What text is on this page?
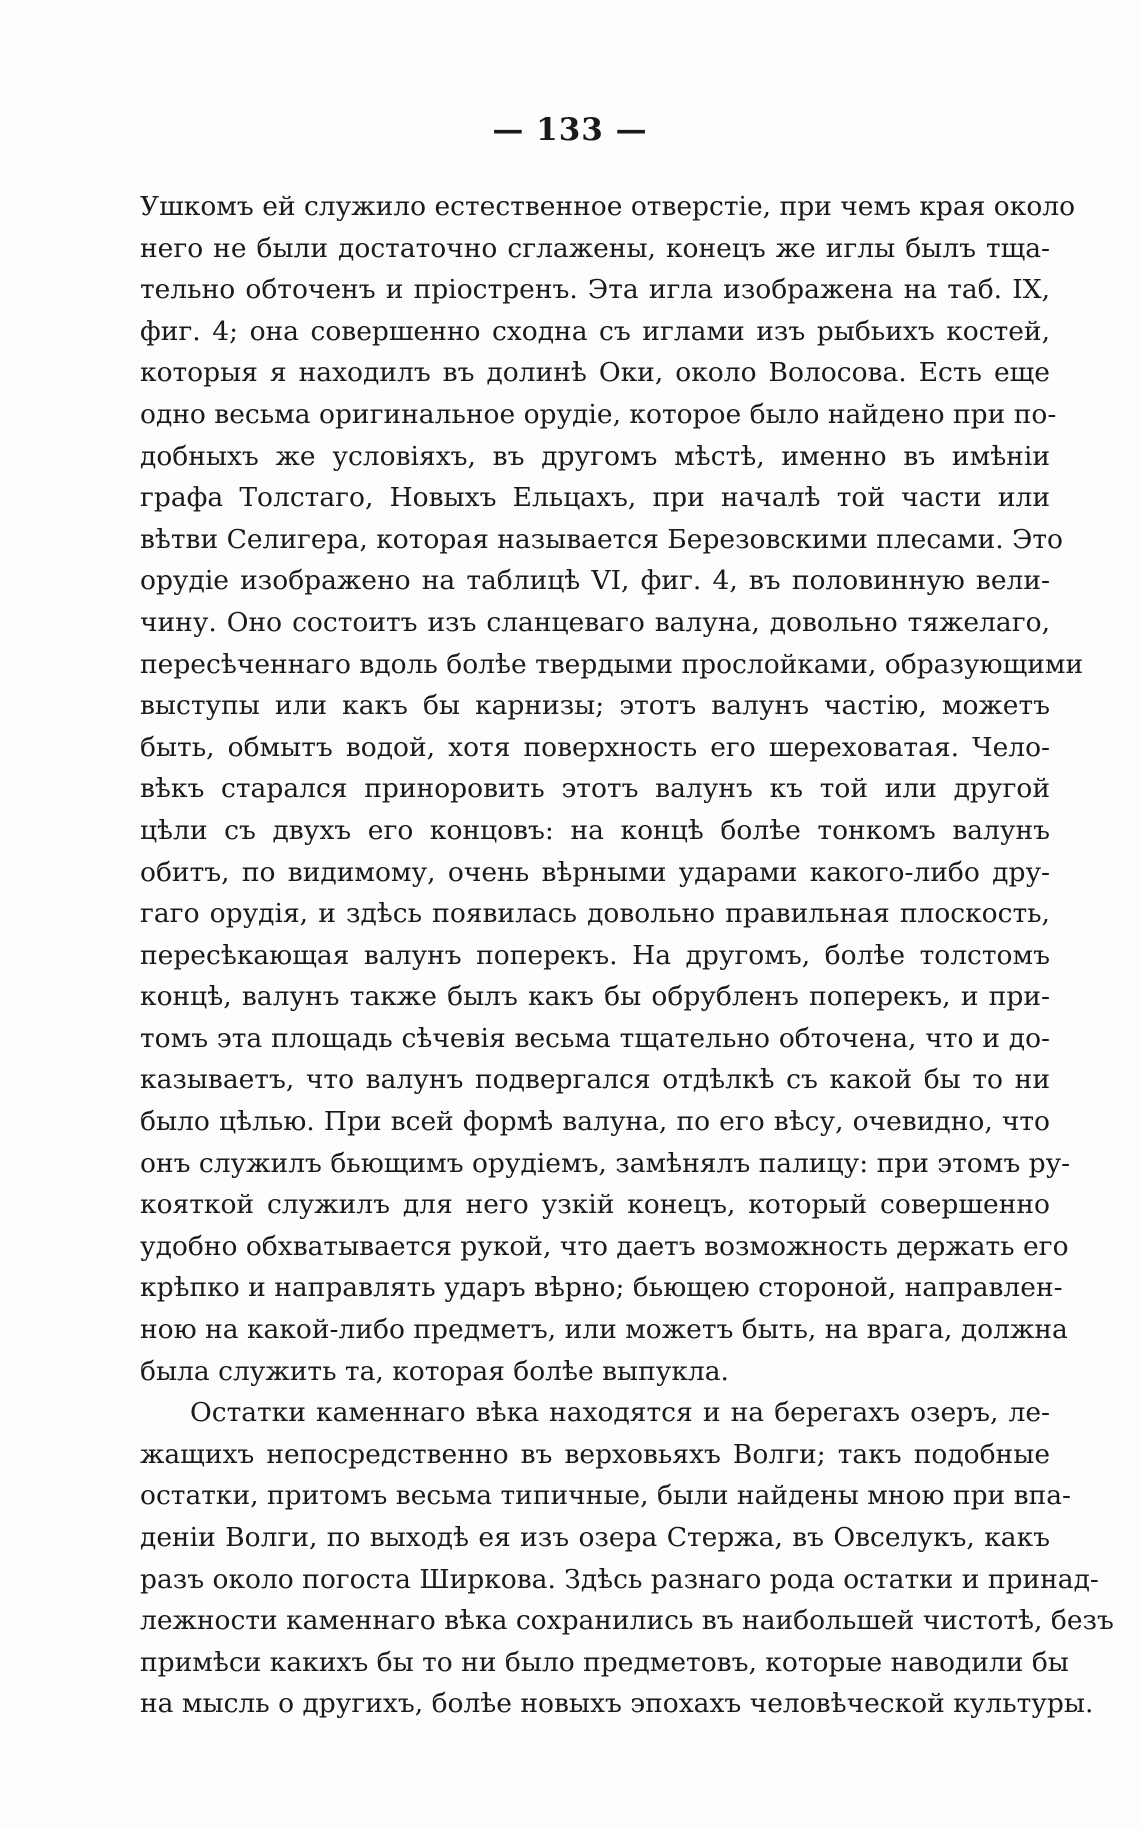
— 133 —
Ушкомъ ей служило естественное отверстіе, при чемъ края около
него не были достаточно сглажены, конецъ же иглы былъ тща-
тельно обточенъ и пріостренъ. Эта игла изображена на таб. IX,
фиг. 4; она совершенно сходна съ иглами изъ рыбьихъ костей,
которыя я находилъ въ долинѣ Оки, около Волосова. Есть еще
одно весьма оригинальное орудіе, которое было найдено при по-
добныхъ же условіяхъ, въ другомъ мѣстѣ, именно въ имѣніи
графа Толстаго, Новыхъ Ельцахъ, при началѣ той части или
вѣтви Селигера, которая называется Березовскими плесами. Это
орудіе изображено на таблицѣ VI, фиг. 4, въ половинную вели-
чину. Оно состоитъ изъ сланцеваго валуна, довольно тяжелаго,
пересѣченнаго вдоль болѣе твердыми прослойками, образующими
выступы или какъ бы карнизы; этотъ валунъ частію, можетъ
быть, обмытъ водой, хотя поверхность его шереховатая. Чело-
вѣкъ старался приноровить этотъ валунъ къ той или другой
цѣли съ двухъ его концовъ: на концѣ болѣе тонкомъ валунъ
обитъ, по видимому, очень вѣрными ударами какого-либо дру-
гаго орудія, и здѣсь появилась довольно правильная плоскость,
пересѣкающая валунъ поперекъ. На другомъ, болѣе толстомъ
концѣ, валунъ также былъ какъ бы обрубленъ поперекъ, и при-
томъ эта площадь сѣчевія весьма тщательно обточена, что и до-
казываетъ, что валунъ подвергался отдѣлкѣ съ какой бы то ни
было цѣлью. При всей формѣ валуна, по его вѣсу, очевидно, что
онъ служилъ бьющимъ орудіемъ, замѣнялъ палицу: при этомъ ру-
кояткой служилъ для него узкій конецъ, который совершенно
удобно обхватывается рукой, что даетъ возможность держать его
крѣпко и направлять ударъ вѣрно; бьющею стороной, направлен-
ною на какой-либо предметъ, или можетъ быть, на врага, должна
была служить та, которая болѣе выпукла.
Остатки каменнаго вѣка находятся и на берегахъ озеръ, ле-
жащихъ непосредственно въ верховьяхъ Волги; такъ подобные
остатки, притомъ весьма типичные, были найдены мною при впа-
деніи Волги, по выходѣ ея изъ озера Стержа, въ Овселукъ, какъ
разъ около погоста Ширкова. Здѣсь разнаго рода остатки и принад-
лежности каменнаго вѣка сохранились въ наибольшей чистотѣ, безъ
примѣси какихъ бы то ни было предметовъ, которые наводили бы
на мысль о другихъ, болѣе новыхъ эпохахъ человѣческой культуры.
